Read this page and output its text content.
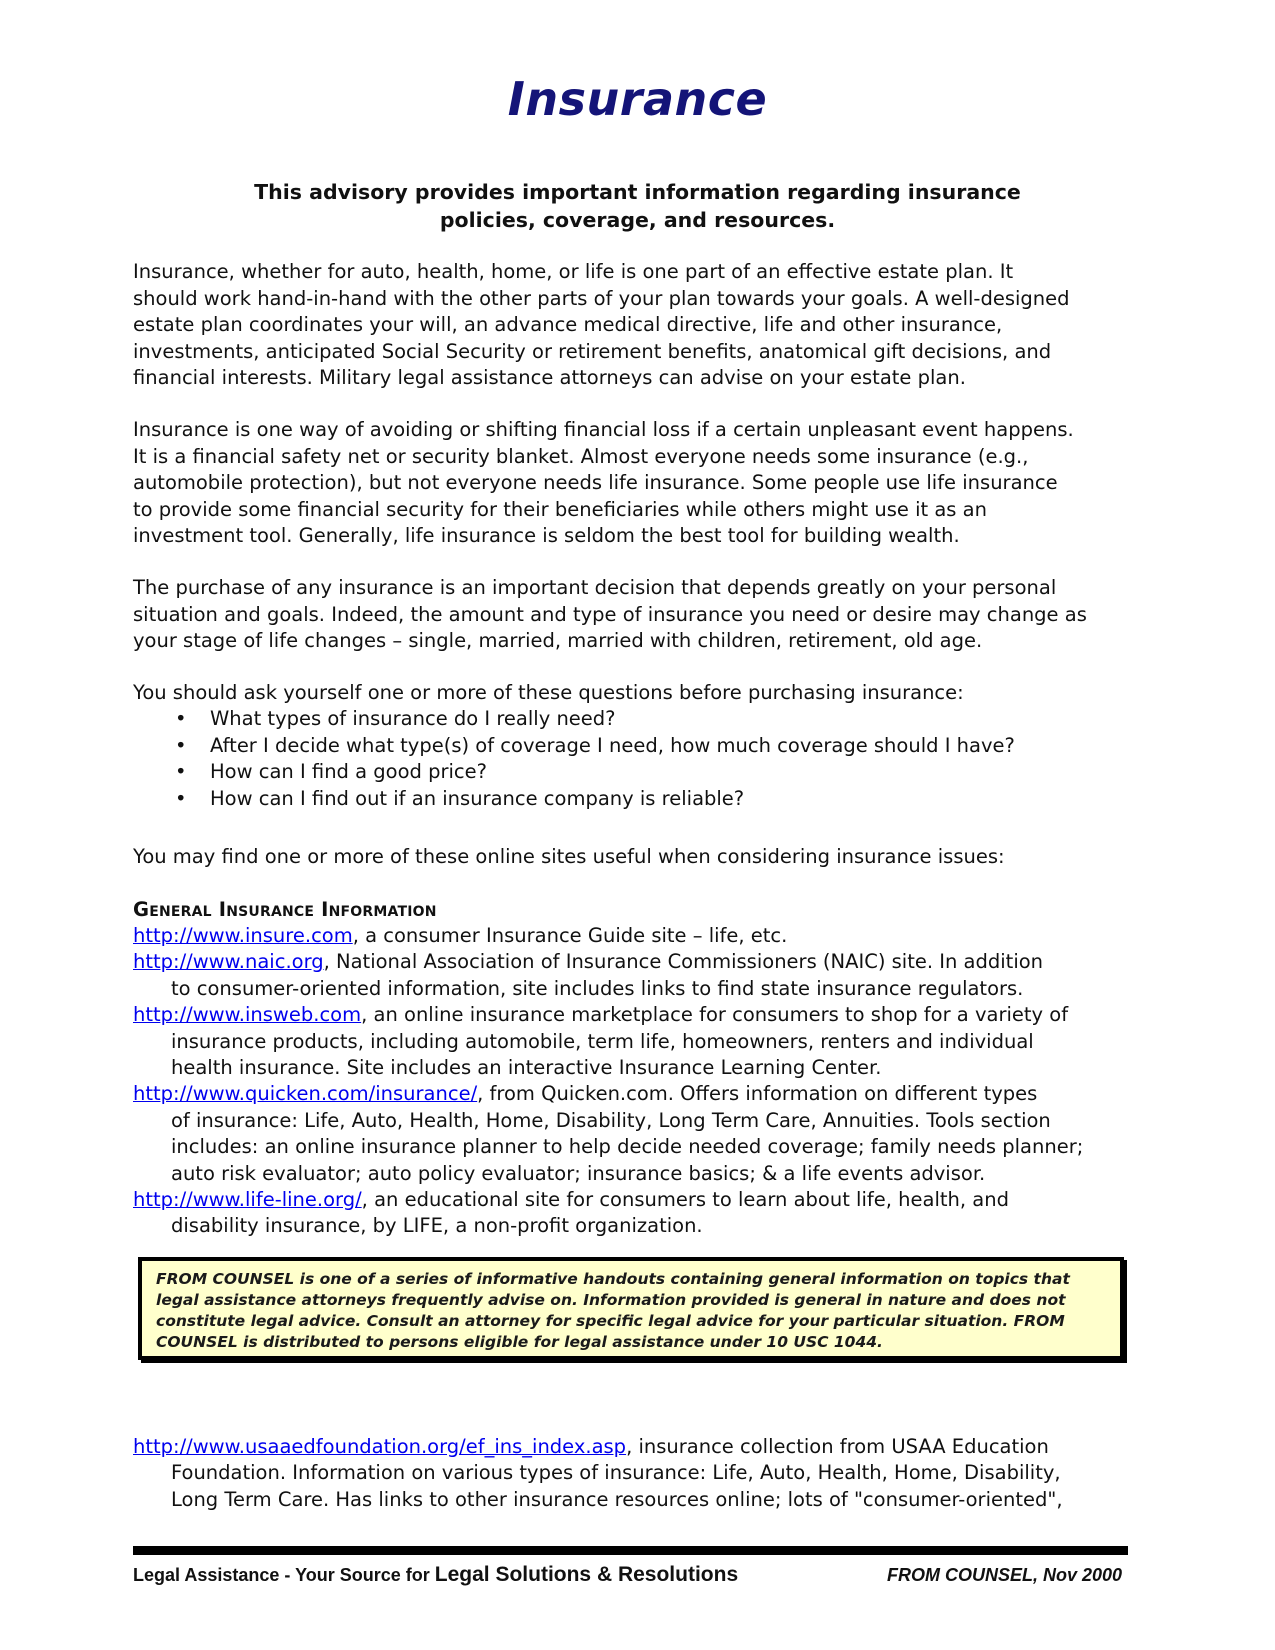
Insurance
This advisory provides important information regarding insurance
policies, coverage, and resources.
Insurance, whether for auto, health, home, or life is one part of an effective estate plan. It
should work hand-in-hand with the other parts of your plan towards your goals. A well-designed
estate plan coordinates your will, an advance medical directive, life and other insurance,
investments, anticipated Social Security or retirement benefits, anatomical gift decisions, and
financial interests. Military legal assistance attorneys can advise on your estate plan.
Insurance is one way of avoiding or shifting financial loss if a certain unpleasant event happens.
It is a financial safety net or security blanket. Almost everyone needs some insurance (e.g.,
automobile protection), but not everyone needs life insurance. Some people use life insurance
to provide some financial security for their beneficiaries while others might use it as an
investment tool. Generally, life insurance is seldom the best tool for building wealth.
The purchase of any insurance is an important decision that depends greatly on your personal
situation and goals. Indeed, the amount and type of insurance you need or desire may change as
your stage of life changes – single, married, married with children, retirement, old age.
You should ask yourself one or more of these questions before purchasing insurance:
• What types of insurance do I really need?
• After I decide what type(s) of coverage I need, how much coverage should I have?
• How can I find a good price?
• How can I find out if an insurance company is reliable?
You may find one or more of these online sites useful when considering insurance issues:
General Insurance Information
http://www.insure.com, a consumer Insurance Guide site – life, etc.
http://www.naic.org, National Association of Insurance Commissioners (NAIC) site. In addition
to consumer-oriented information, site includes links to find state insurance regulators.
http://www.insweb.com, an online insurance marketplace for consumers to shop for a variety of
insurance products, including automobile, term life, homeowners, renters and individual
health insurance. Site includes an interactive Insurance Learning Center.
http://www.quicken.com/insurance/, from Quicken.com. Offers information on different types
of insurance: Life, Auto, Health, Home, Disability, Long Term Care, Annuities. Tools section
includes: an online insurance planner to help decide needed coverage; family needs planner;
auto risk evaluator; auto policy evaluator; insurance basics; & a life events advisor.
http://www.life-line.org/, an educational site for consumers to learn about life, health, and
disability insurance, by LIFE, a non-profit organization.
FROM COUNSEL is one of a series of informative handouts containing general information on topics that
legal assistance attorneys frequently advise on. Information provided is general in nature and does not
constitute legal advice. Consult an attorney for specific legal advice for your particular situation. FROM
COUNSEL is distributed to persons eligible for legal assistance under 10 USC 1044.
http://www.usaaedfoundation.org/ef_ins_index.asp, insurance collection from USAA Education
Foundation. Information on various types of insurance: Life, Auto, Health, Home, Disability,
Long Term Care. Has links to other insurance resources online; lots of "consumer-oriented",
Legal Assistance - Your Source for Legal Solutions & Resolutions	FROM COUNSEL, Nov 2000
